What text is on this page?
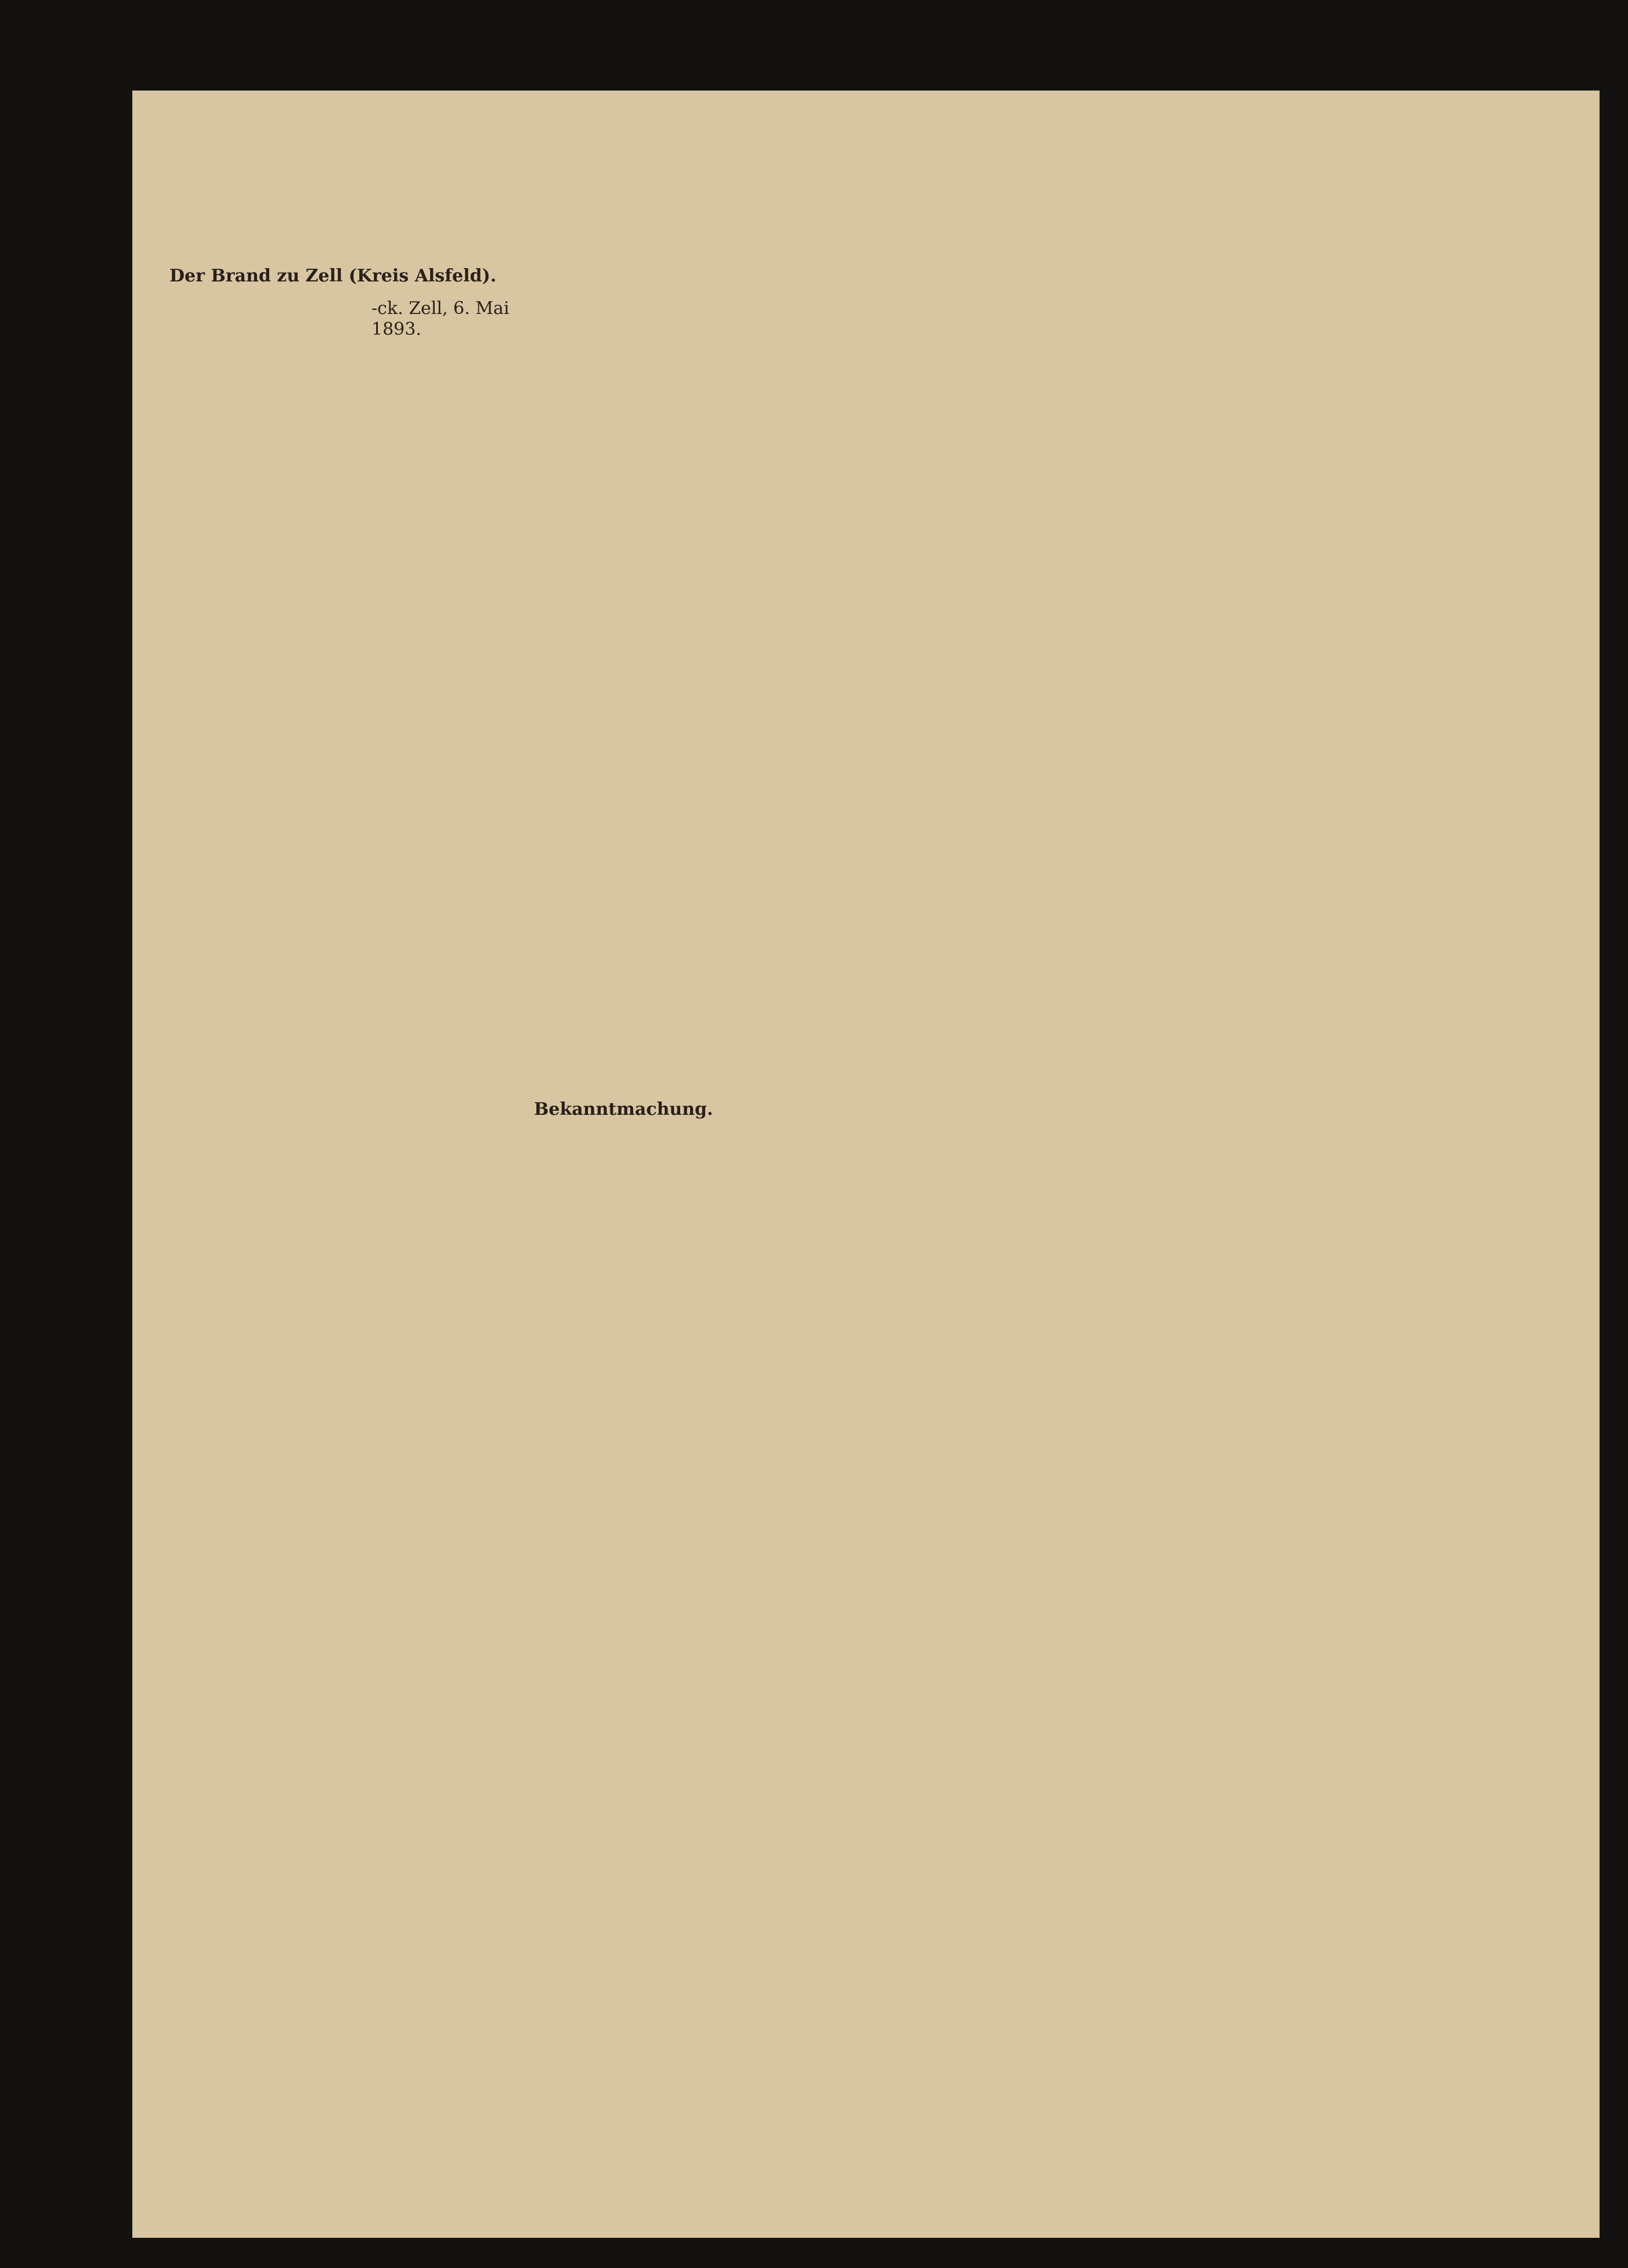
Der Brand zu Zell (Kreis Alsfeld).
-ck. Zell, 6. Mai 1893.
Bekanntmachung.
